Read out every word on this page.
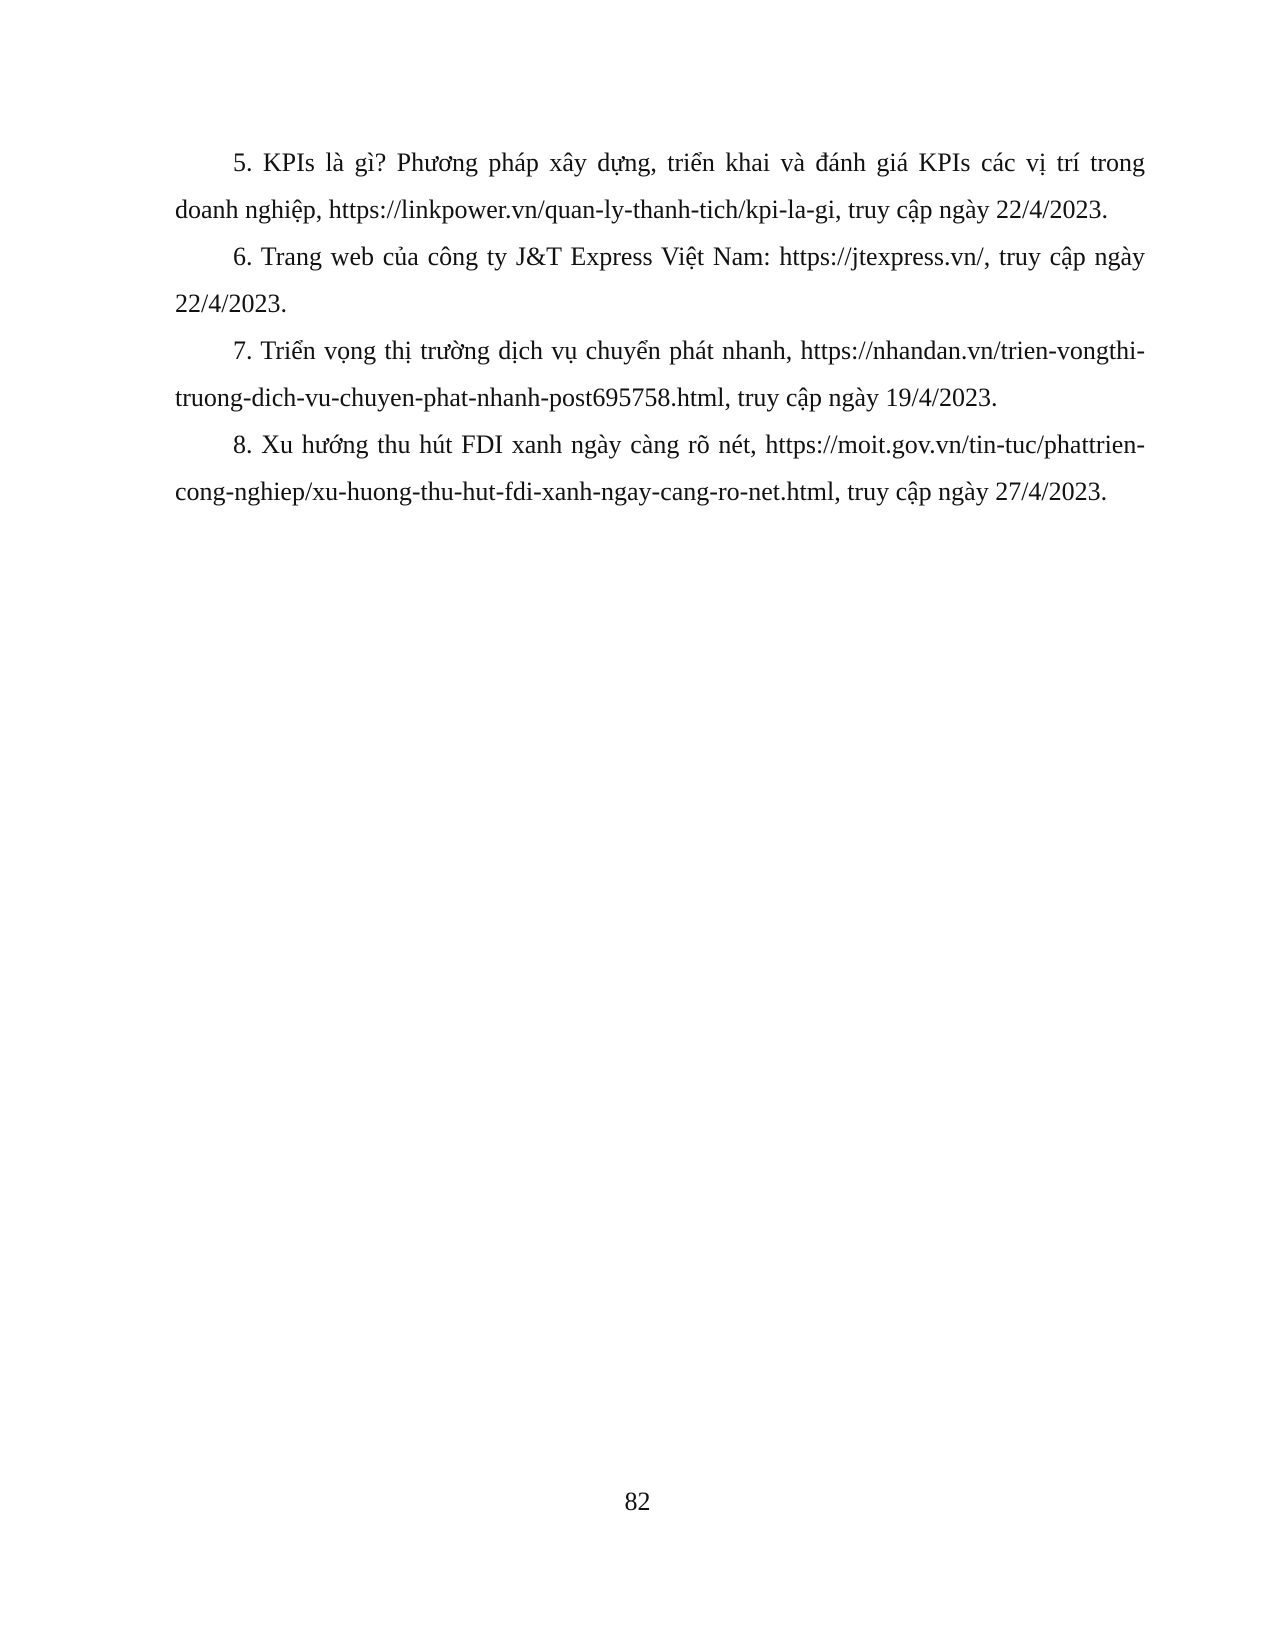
5. KPIs là gì? Phương pháp xây dựng, triển khai và đánh giá KPIs các vị trí trong doanh nghiệp, https://linkpower.vn/quan-ly-thanh-tich/kpi-la-gi, truy cập ngày 22/4/2023.

6. Trang web của công ty J&T Express Việt Nam: https://jtexpress.vn/, truy cập ngày 22/4/2023.

7. Triển vọng thị trường dịch vụ chuyển phát nhanh, https://nhandan.vn/trien-vongthi-truong-dich-vu-chuyen-phat-nhanh-post695758.html, truy cập ngày 19/4/2023.

8. Xu hướng thu hút FDI xanh ngày càng rõ nét, https://moit.gov.vn/tin-tuc/phattrien-cong-nghiep/xu-huong-thu-hut-fdi-xanh-ngay-cang-ro-net.html, truy cập ngày 27/4/2023.

82
